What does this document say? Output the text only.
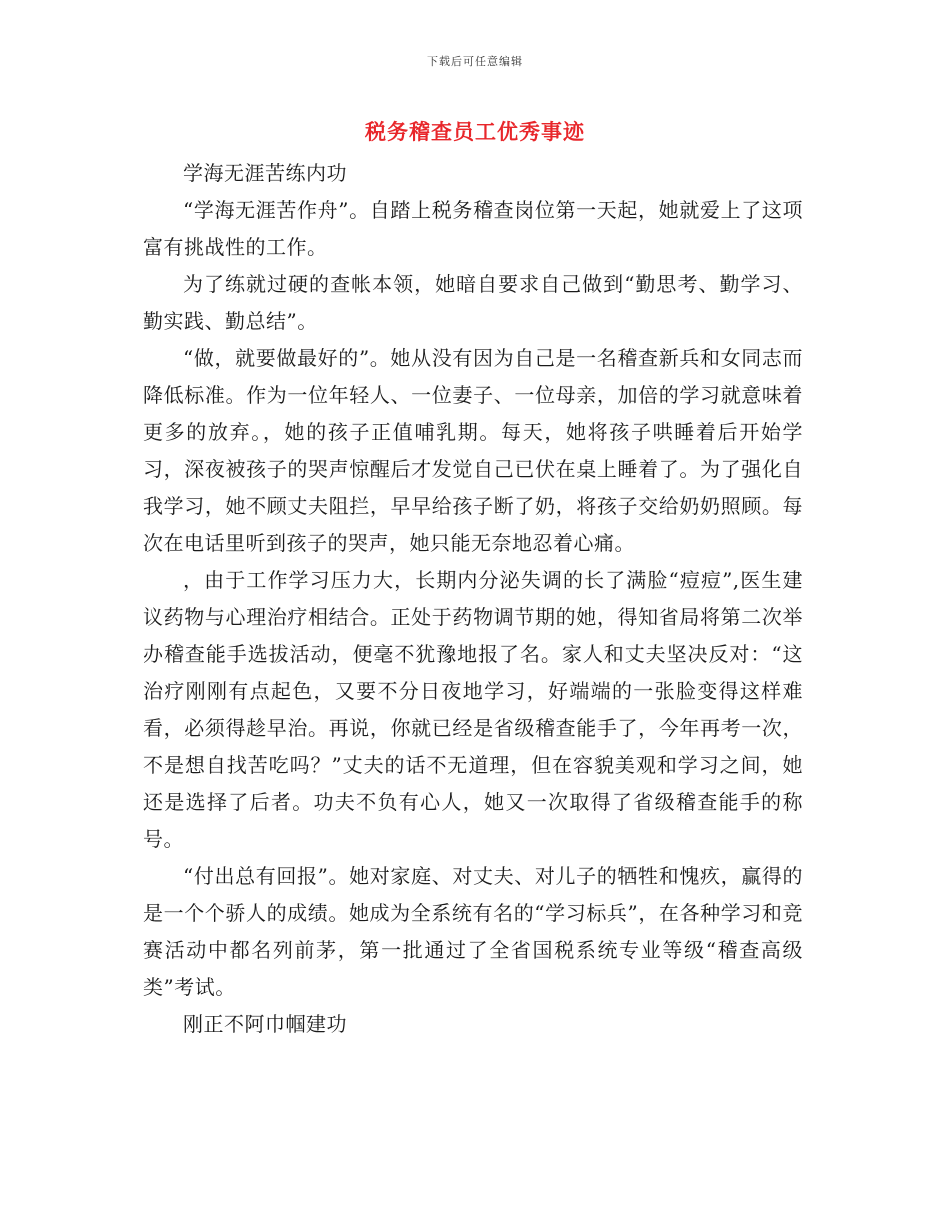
下载后可任意编辑
税务稽查员工优秀事迹

学海无涯苦练内功

“学海无涯苦作舟”。自踏上税务稽查岗位第一天起，她就爱上了这项富有挑战性的工作。

为了练就过硬的查帐本领，她暗自要求自己做到“勤思考、勤学习、勤实践、勤总结”。

“做，就要做最好的”。她从没有因为自己是一名稽查新兵和女同志而降低标准。作为一位年轻人、一位妻子、一位母亲，加倍的学习就意味着更多的放弃。，她的孩子正值哺乳期。每天，她将孩子哄睡着后开始学习，深夜被孩子的哭声惊醒后才发觉自己已伏在桌上睡着了。为了强化自我学习，她不顾丈夫阻拦，早早给孩子断了奶，将孩子交给奶奶照顾。每次在电话里听到孩子的哭声，她只能无奈地忍着心痛。

，由于工作学习压力大，长期内分泌失调的长了满脸“痘痘”,医生建议药物与心理治疗相结合。正处于药物调节期的她，得知省局将第二次举办稽查能手选拔活动，便毫不犹豫地报了名。家人和丈夫坚决反对：“这治疗刚刚有点起色，又要不分日夜地学习，好端端的一张脸变得这样难看，必须得趁早治。再说，你就已经是省级稽查能手了，今年再考一次，不是想自找苦吃吗？”丈夫的话不无道理，但在容貌美观和学习之间，她还是选择了后者。功夫不负有心人，她又一次取得了省级稽查能手的称号。

“付出总有回报”。她对家庭、对丈夫、对儿子的牺牲和愧疚，赢得的是一个个骄人的成绩。她成为全系统有名的“学习标兵”，在各种学习和竞赛活动中都名列前茅，第一批通过了全省国税系统专业等级“稽查高级类”考试。

刚正不阿巾帼建功
